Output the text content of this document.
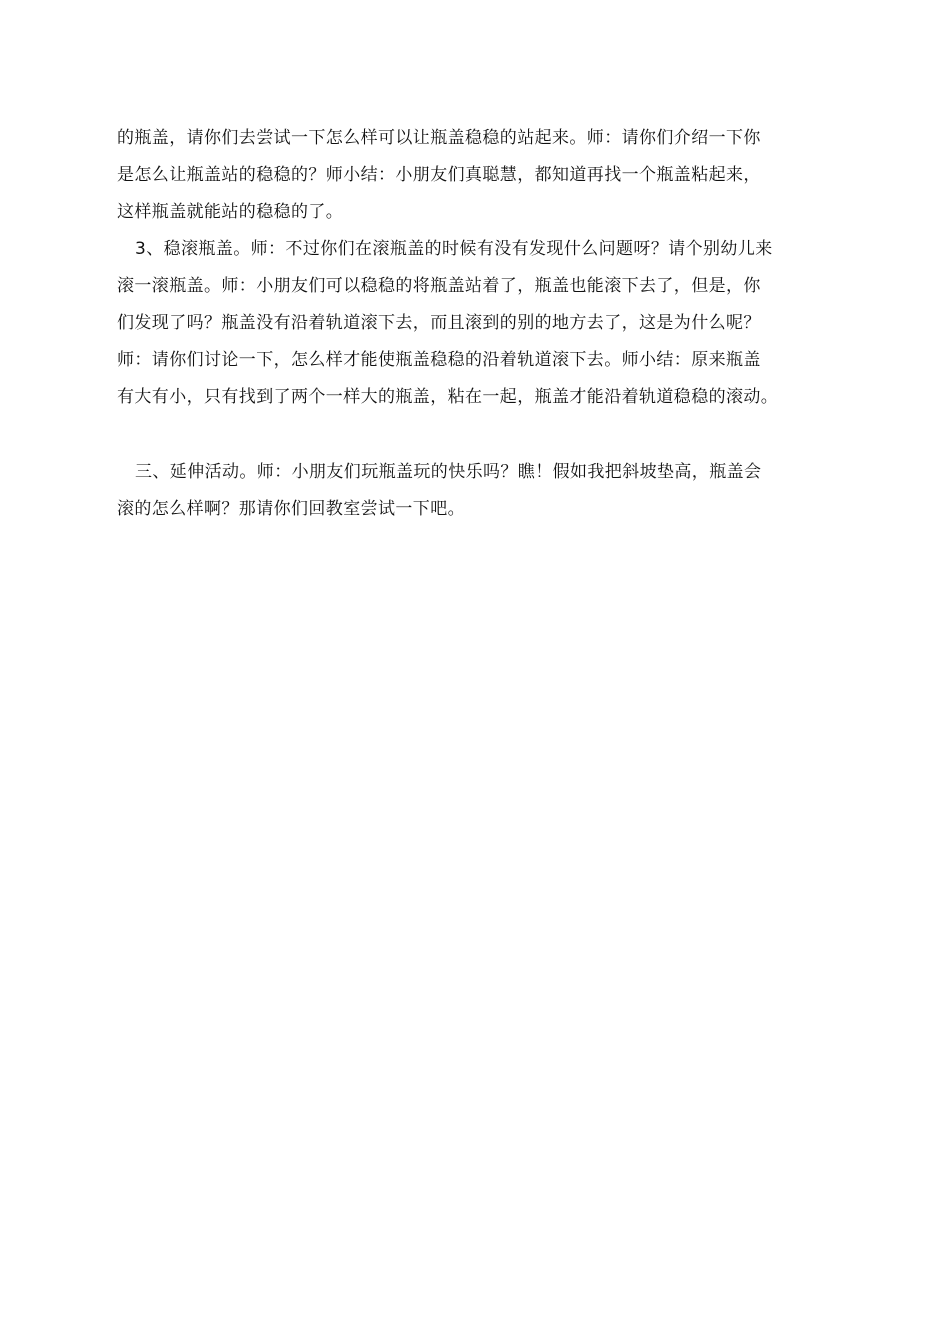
的瓶盖，请你们去尝试一下怎么样可以让瓶盖稳稳的站起来。师：请你们介绍一下你
是怎么让瓶盖站的稳稳的？师小结：小朋友们真聪慧，都知道再找一个瓶盖粘起来，
这样瓶盖就能站的稳稳的了。
3、稳滚瓶盖。师：不过你们在滚瓶盖的时候有没有发现什么问题呀？请个别幼儿来
滚一滚瓶盖。师：小朋友们可以稳稳的将瓶盖站着了，瓶盖也能滚下去了，但是，你
们发现了吗？瓶盖没有沿着轨道滚下去，而且滚到的别的地方去了，这是为什么呢？
师：请你们讨论一下，怎么样才能使瓶盖稳稳的沿着轨道滚下去。师小结：原来瓶盖
有大有小，只有找到了两个一样大的瓶盖，粘在一起，瓶盖才能沿着轨道稳稳的滚动。
三、延伸活动。师：小朋友们玩瓶盖玩的快乐吗？瞧！假如我把斜坡垫高，瓶盖会
滚的怎么样啊？那请你们回教室尝试一下吧。
